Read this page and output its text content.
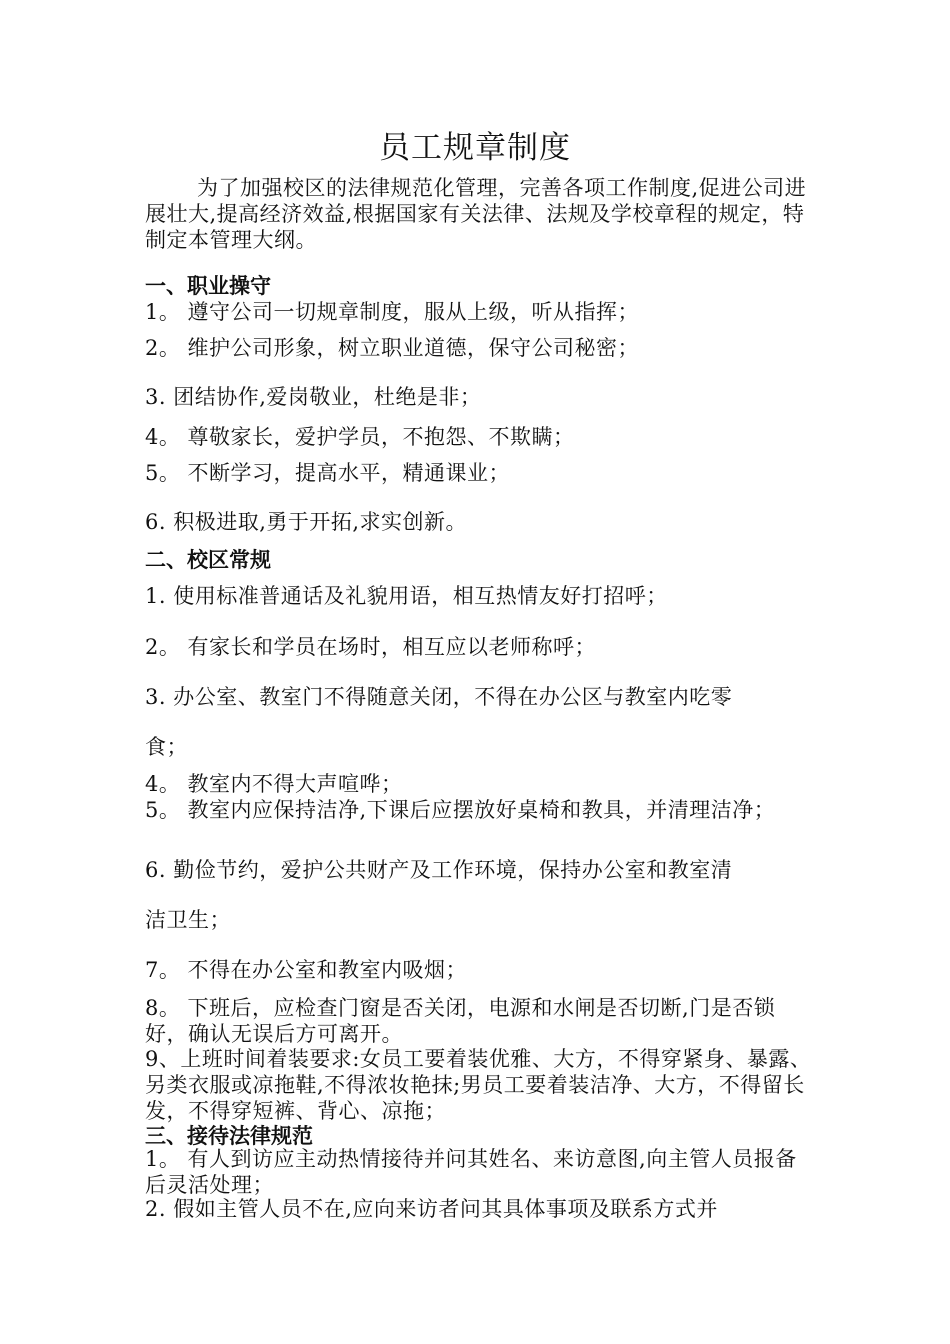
员工规章制度
为了加强校区的法律规范化管理，完善各项工作制度,促进公司进展壮大,提高经济效益,根据国家有关法律、法规及学校章程的规定，特制定本管理大纲。
一、职业操守
1。 遵守公司一切规章制度，服从上级，听从指挥；
2。 维护公司形象，树立职业道德，保守公司秘密；
3. 团结协作,爱岗敬业，杜绝是非；
4。 尊敬家长，爱护学员，不抱怨、不欺瞒；
5。 不断学习，提高水平，精通课业；
6. 积极进取,勇于开拓,求实创新。
二、校区常规
1. 使用标准普通话及礼貌用语，相互热情友好打招呼；
2。 有家长和学员在场时，相互应以老师称呼；
3. 办公室、教室门不得随意关闭，不得在办公区与教室内吃零
食；
4。 教室内不得大声喧哗；
5。 教室内应保持洁净,下课后应摆放好桌椅和教具，并清理洁净；
6. 勤俭节约，爱护公共财产及工作环境，保持办公室和教室清
洁卫生；
7。 不得在办公室和教室内吸烟；
8。 下班后，应检查门窗是否关闭，电源和水闸是否切断,门是否锁好，确认无误后方可离开。
9、上班时间着装要求:女员工要着装优雅、大方，不得穿紧身、暴露、另类衣服或凉拖鞋,不得浓妆艳抹;男员工要着装洁净、大方，不得留长发，不得穿短裤、背心、凉拖；
三、接待法律规范
1。 有人到访应主动热情接待并问其姓名、来访意图,向主管人员报备后灵活处理；
2. 假如主管人员不在,应向来访者问其具体事项及联系方式并
